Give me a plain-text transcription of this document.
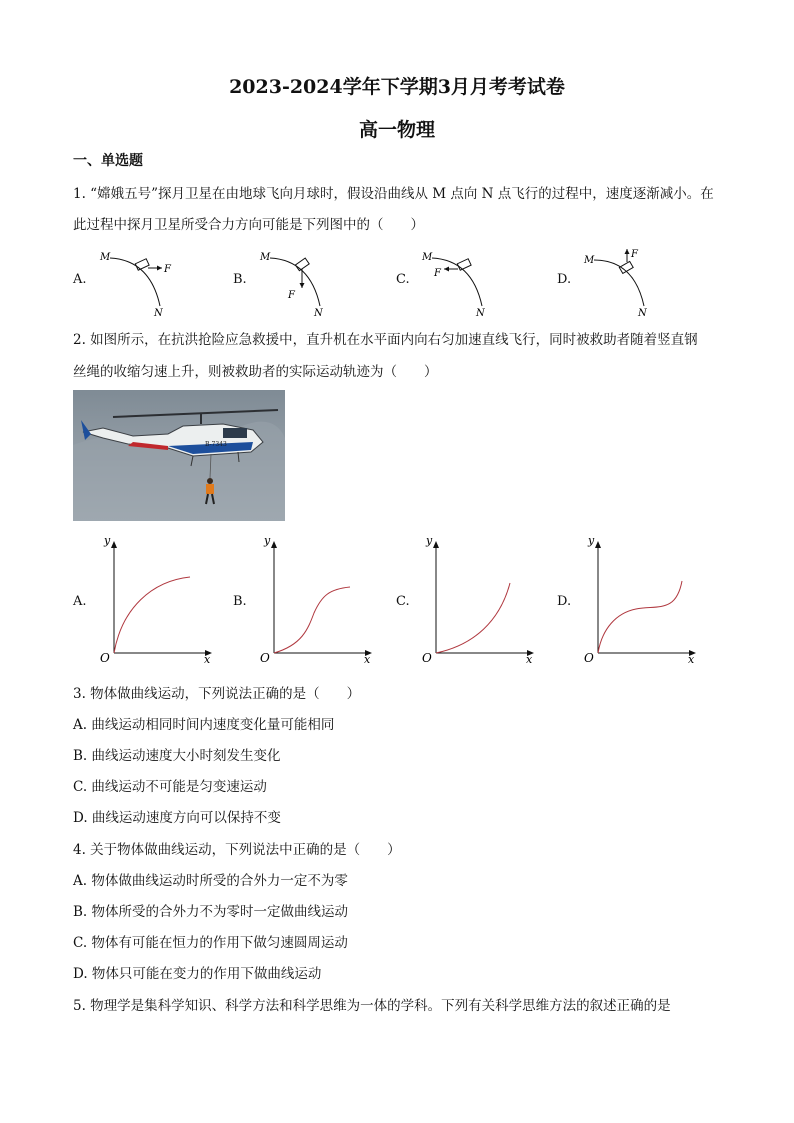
2023-2024学年下学期3月月考考试卷
高一物理
一、单选题
1. “嫦娥五号”探月卫星在由地球飞向月球时，假设沿曲线从 M 点向 N 点飞行的过程中，速度逐渐减小。在
此过程中探月卫星所受合力方向可能是下列图中的（　　）
A.
M
N
F
B.
M
N
F
C.
M
N
F	D.
M
N
F
2. 如图所示，在抗洪抢险应急救援中，直升机在水平面内向右匀加速直线飞行，同时被救助者随着竖直钢
丝绳的收缩匀速上升，则被救助者的实际运动轨迹为（　　）
B-7343
A.	B.	C.	D.
y
O	x
y
O	x
y
O	x
y
O	x
3. 物体做曲线运动，下列说法正确的是（　　）
A. 曲线运动相同时间内速度变化量可能相同
B. 曲线运动速度大小时刻发生变化
C. 曲线运动不可能是匀变速运动
D. 曲线运动速度方向可以保持不变
4. 关于物体做曲线运动，下列说法中正确的是（　　）
A. 物体做曲线运动时所受的合外力一定不为零
B. 物体所受的合外力不为零时一定做曲线运动
C. 物体有可能在恒力的作用下做匀速圆周运动
D. 物体只可能在变力的作用下做曲线运动
5. 物理学是集科学知识、科学方法和科学思维为一体的学科。下列有关科学思维方法的叙述正确的是
